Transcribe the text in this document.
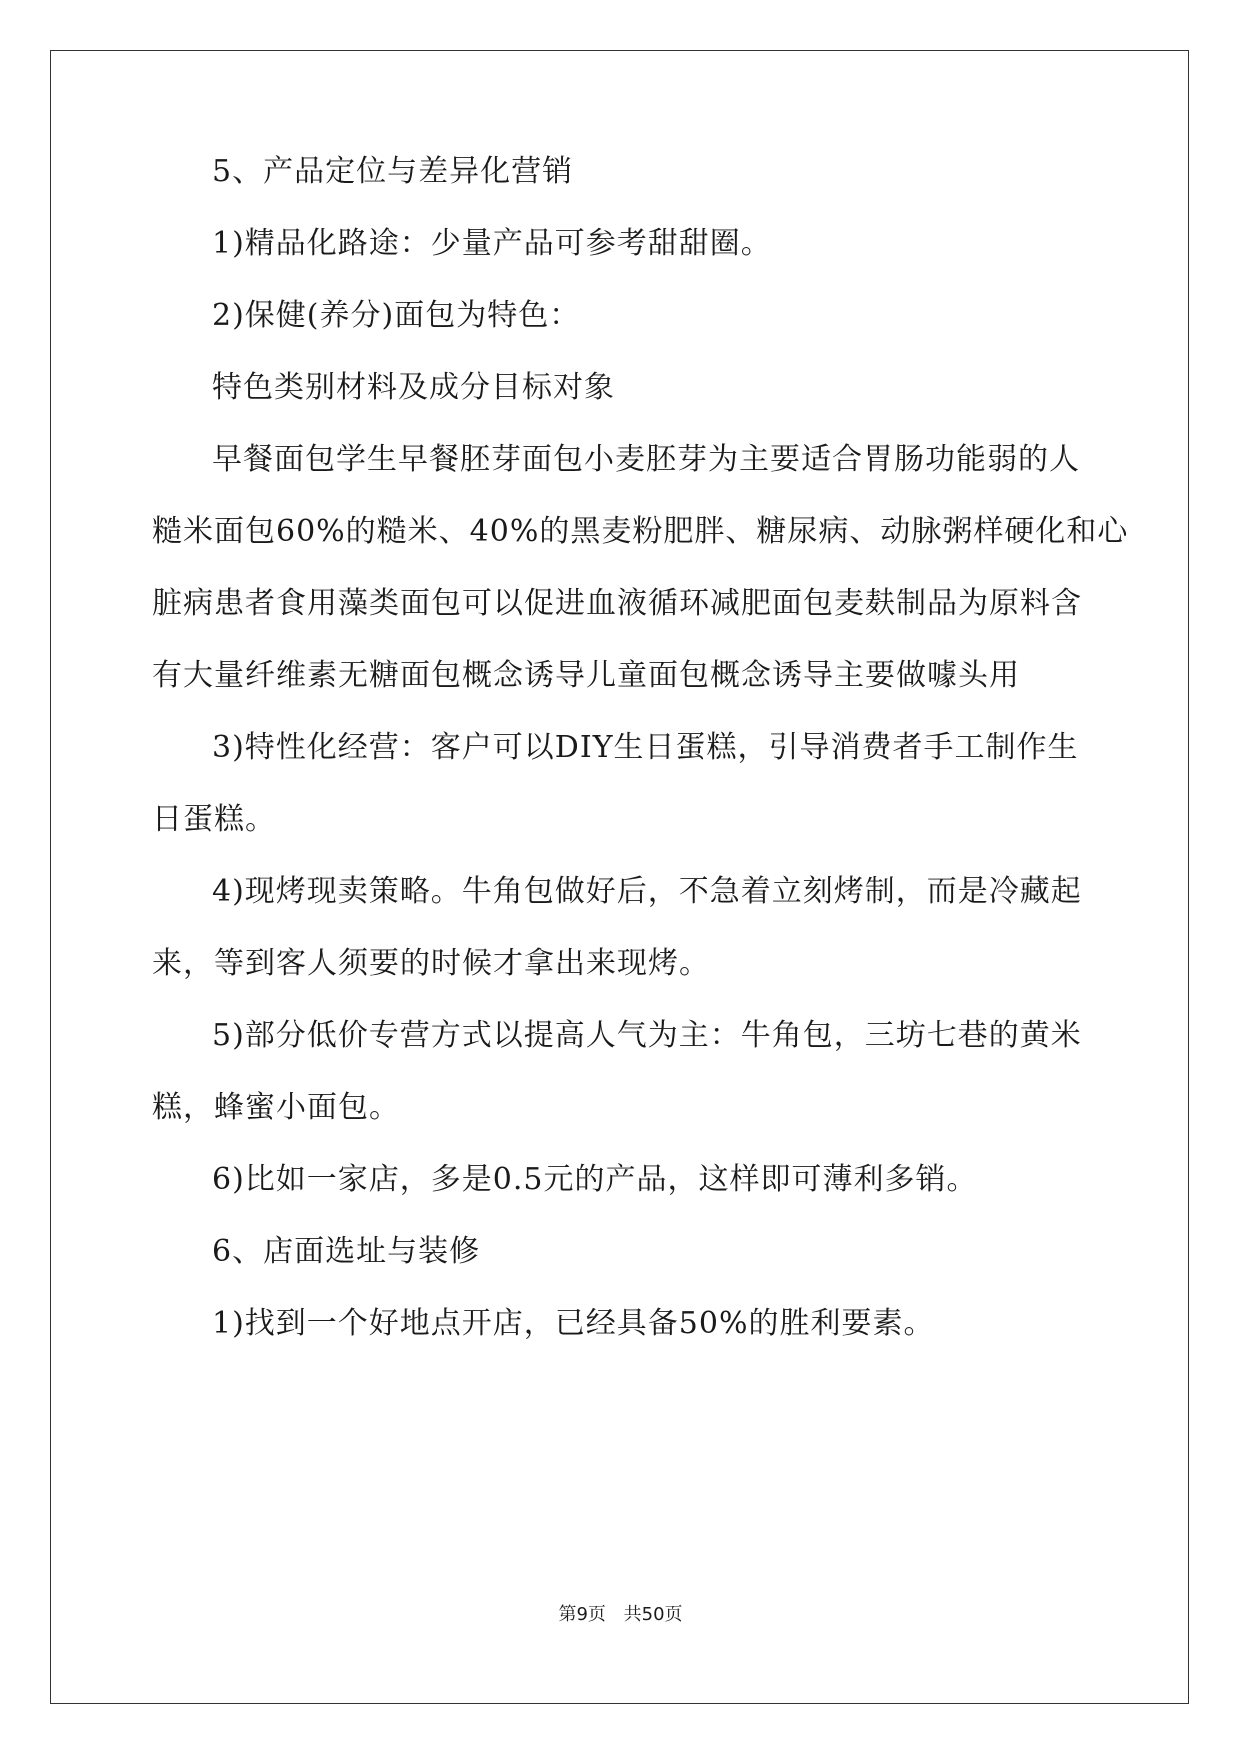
5、产品定位与差异化营销
1)精品化路途：少量产品可参考甜甜圈。
2)保健(养分)面包为特色：
特色类别材料及成分目标对象
早餐面包学生早餐胚芽面包小麦胚芽为主要适合胃肠功能弱的人
糙米面包60%的糙米、40%的黑麦粉肥胖、糖尿病、动脉粥样硬化和心
脏病患者食用藻类面包可以促进血液循环减肥面包麦麸制品为原料含
有大量纤维素无糖面包概念诱导儿童面包概念诱导主要做噱头用
3)特性化经营：客户可以DIY生日蛋糕，引导消费者手工制作生
日蛋糕。
4)现烤现卖策略。牛角包做好后，不急着立刻烤制，而是冷藏起
来，等到客人须要的时候才拿出来现烤。
5)部分低价专营方式以提高人气为主：牛角包，三坊七巷的黄米
糕，蜂蜜小面包。
6)比如一家店，多是0.5元的产品，这样即可薄利多销。
6、店面选址与装修
1)找到一个好地点开店，已经具备50%的胜利要素。
第9页 共50页
